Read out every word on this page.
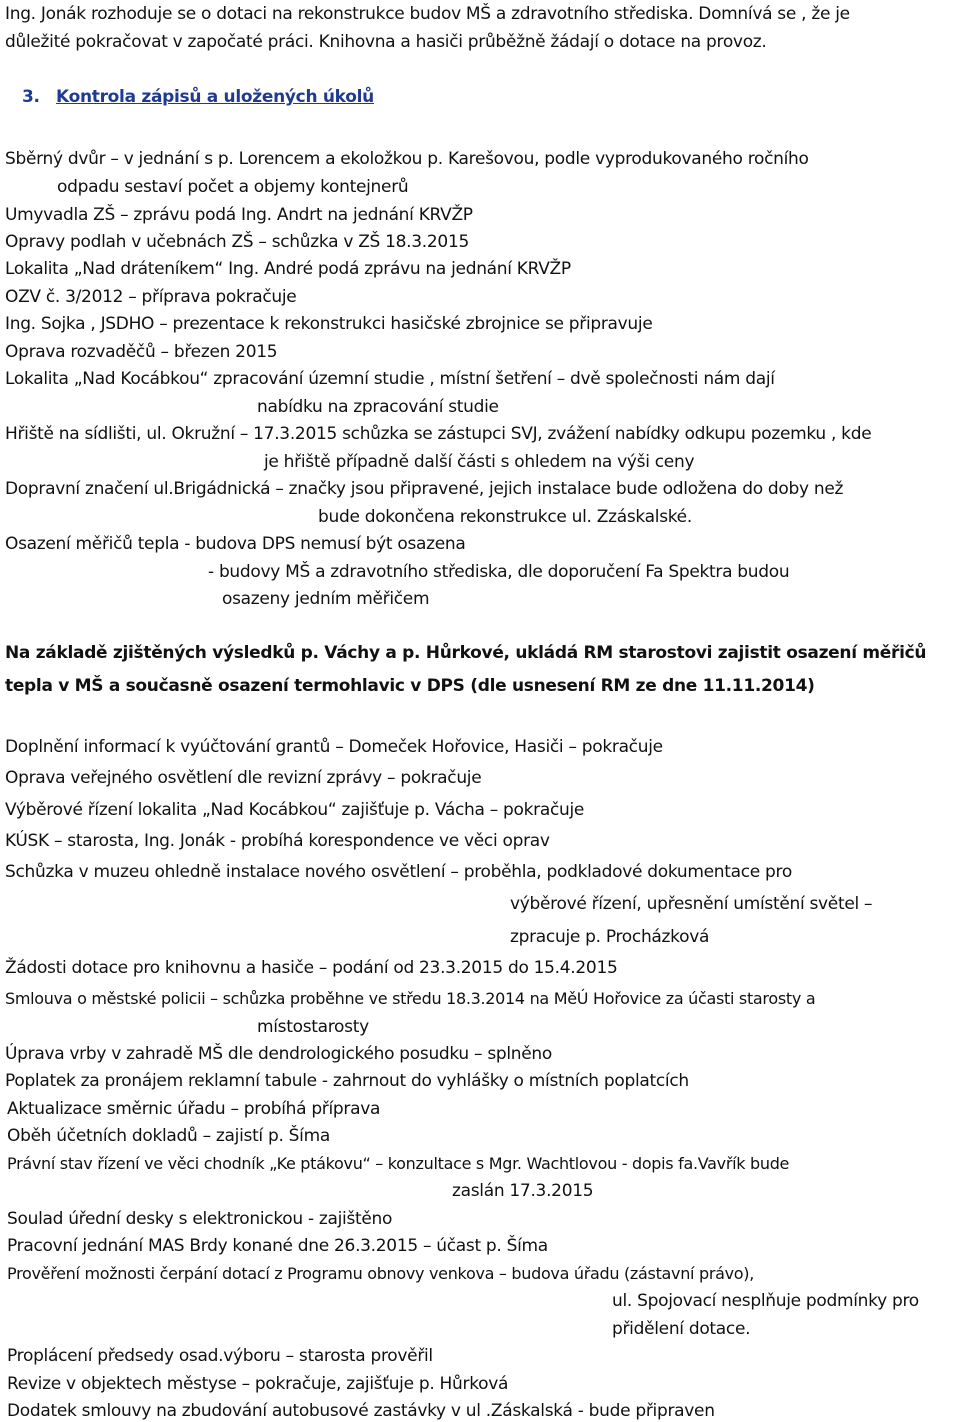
Ing. Jonák rozhoduje se o dotaci na rekonstrukce budov MŠ a zdravotního střediska. Domnívá se , že je
důležité pokračovat v započaté práci. Knihovna a hasiči průběžně žádají o dotace na provoz.
3. Kontrola zápisů a uložených úkolů
Sběrný dvůr – v jednání s p. Lorencem a ekoložkou p. Karešovou, podle vyprodukovaného ročního
odpadu sestaví počet a objemy kontejnerů
Umyvadla ZŠ – zprávu podá Ing. Andrt na jednání KRVŽP
Opravy podlah v učebnách ZŠ – schůzka v ZŠ 18.3.2015
Lokalita „Nad dráteníkem“ Ing. André podá zprávu na jednání KRVŽP
OZV č. 3/2012 – příprava pokračuje
Ing. Sojka , JSDHO – prezentace k rekonstrukci hasičské zbrojnice se připravuje
Oprava rozvaděčů – březen 2015
Lokalita „Nad Kocábkou“ zpracování územní studie , místní šetření – dvě společnosti nám dají
nabídku na zpracování studie
Hřiště na sídlišti, ul. Okružní – 17.3.2015 schůzka se zástupci SVJ, zvážení nabídky odkupu pozemku , kde
je hřiště případně další části s ohledem na výši ceny
Dopravní značení ul.Brigádnická – značky jsou připravené, jejich instalace bude odložena do doby než
bude dokončena rekonstrukce ul. Zzáskalské.
Osazení měřičů tepla - budova DPS nemusí být osazena
- budovy MŠ a zdravotního střediska, dle doporučení Fa Spektra budou
osazeny jedním měřičem
Na základě zjištěných výsledků p. Váchy a p. Hůrkové, ukládá RM starostovi zajistit osazení měřičů
tepla v MŠ a současně osazení termohlavic v DPS (dle usnesení RM ze dne 11.11.2014)
Doplnění informací k vyúčtování grantů – Domeček Hořovice, Hasiči – pokračuje
Oprava veřejného osvětlení dle revizní zprávy – pokračuje
Výběrové řízení lokalita „Nad Kocábkou“ zajišťuje p. Vácha – pokračuje
KÚSK – starosta, Ing. Jonák - probíhá korespondence ve věci oprav
Schůzka v muzeu ohledně instalace nového osvětlení – proběhla, podkladové dokumentace pro
výběrové řízení, upřesnění umístění světel –
zpracuje p. Procházková
Žádosti dotace pro knihovnu a hasiče – podání od 23.3.2015 do 15.4.2015
Smlouva o městské policii – schůzka proběhne ve středu 18.3.2014 na MěÚ Hořovice za účasti starosty a
místostarosty
Úprava vrby v zahradě MŠ dle dendrologického posudku – splněno
Poplatek za pronájem reklamní tabule - zahrnout do vyhlášky o místních poplatcích
Aktualizace směrnic úřadu – probíhá příprava
Oběh účetních dokladů – zajistí p. Šíma
Právní stav řízení ve věci chodník „Ke ptákovu“ – konzultace s Mgr. Wachtlovou - dopis fa.Vavřík bude
zaslán 17.3.2015
Soulad úřední desky s elektronickou - zajištěno
Pracovní jednání MAS Brdy konané dne 26.3.2015 – účast p. Šíma
Prověření možnosti čerpání dotací z Programu obnovy venkova – budova úřadu (zástavní právo),
ul. Spojovací nesplňuje podmínky pro
přidělení dotace.
Proplácení předsedy osad.výboru – starosta prověřil
Revize v objektech městyse – pokračuje, zajišťuje p. Hůrková
Dodatek smlouvy na zbudování autobusové zastávky v ul .Záskalská - bude připraven
